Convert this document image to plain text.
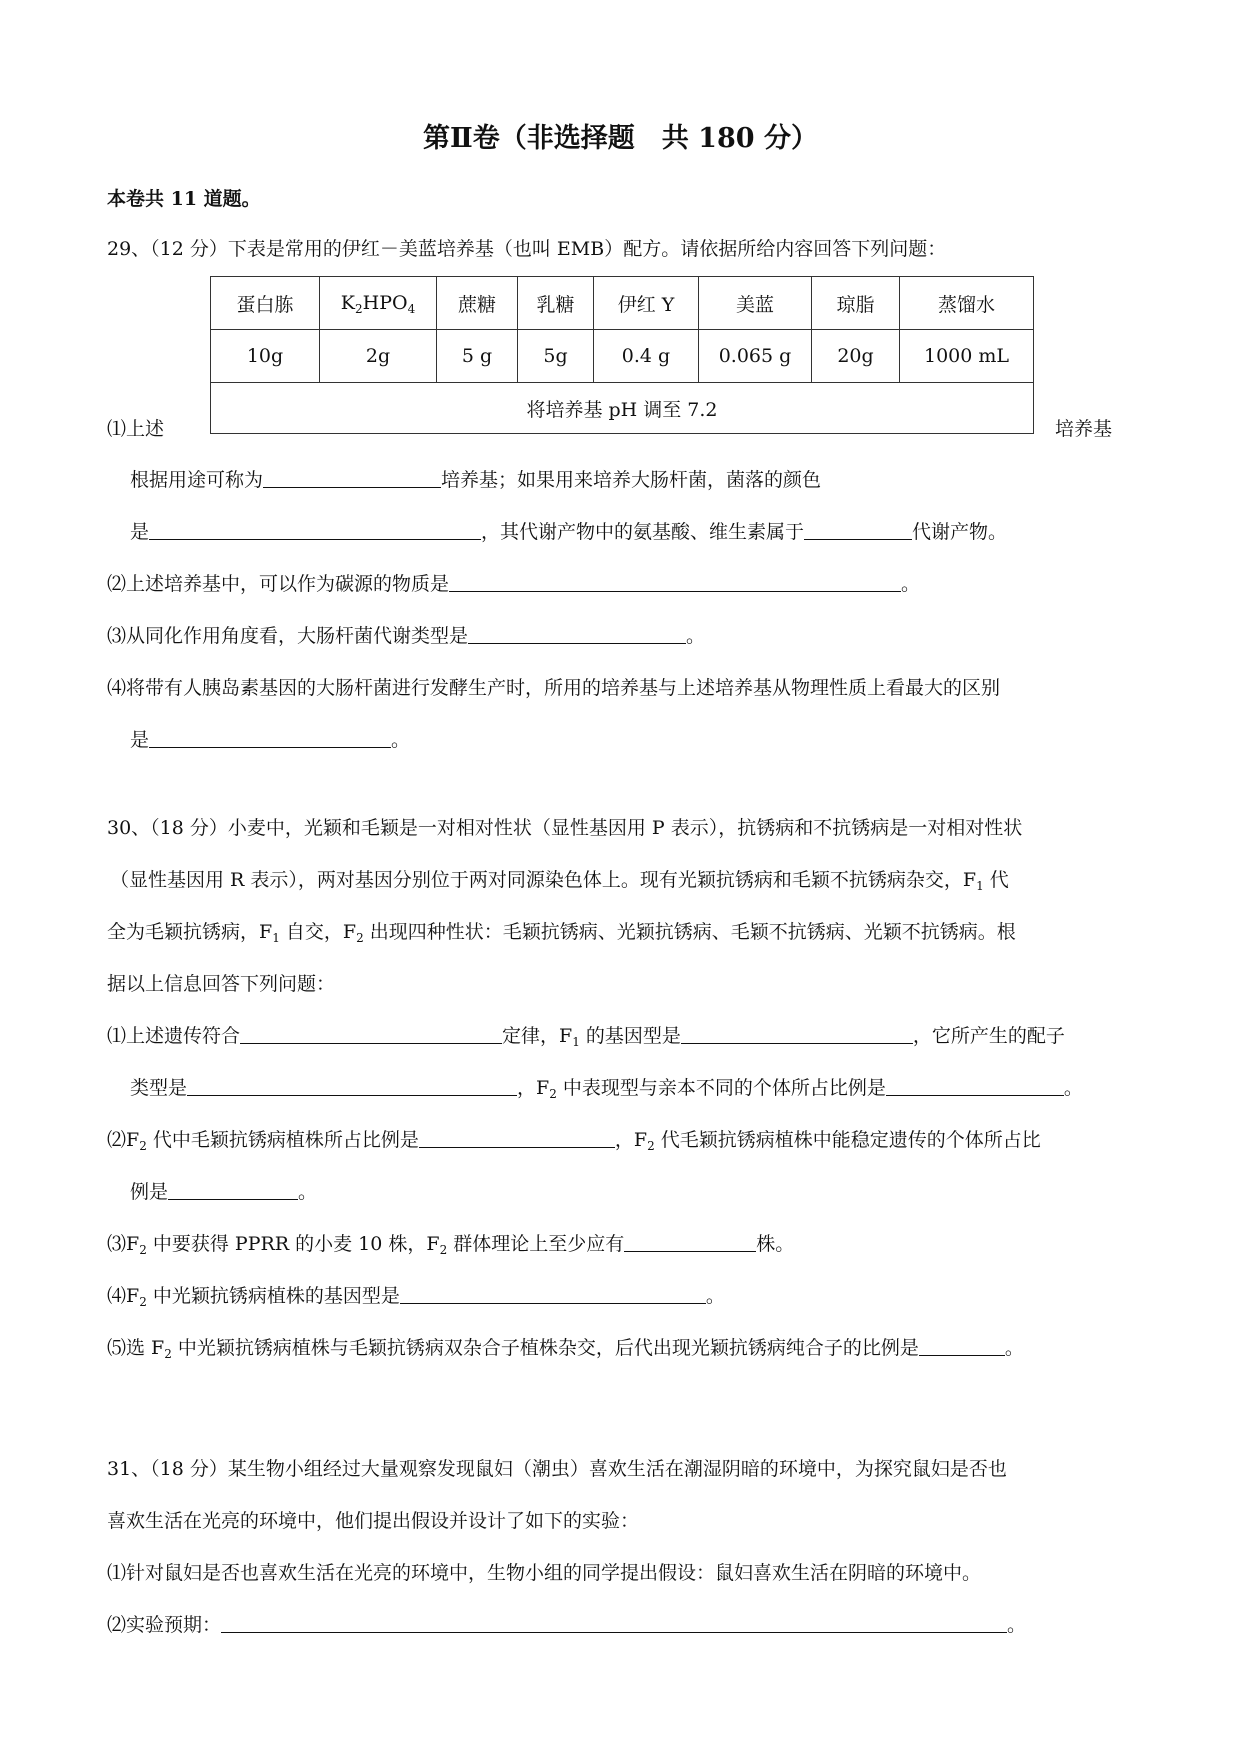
第Ⅱ卷（非选择题　共 180 分）
本卷共 11 道题。
29、（12 分）下表是常用的伊红－美蓝培养基（也叫 EMB）配方。请依据所给内容回答下列问题：
蛋白胨	$K_2HPO_4$	蔗糖	乳糖	伊红 Y	美蓝	琼脂	蒸馏水
10g	2g	5 g	5g	0.4 g	0.065 g	20g	1000 mL
将培养基 pH 调至 7.2							
⑴上述	培养基
根据用途可称为	培养基；如果用来培养大肠杆菌，菌落的颜色
是	，其代谢产物中的氨基酸、维生素属于	代谢产物。
⑵上述培养基中，可以作为碳源的物质是	。
⑶从同化作用角度看，大肠杆菌代谢类型是	。
⑷将带有人胰岛素基因的大肠杆菌进行发酵生产时，所用的培养基与上述培养基从物理性质上看最大的区别
是	。
30、（18 分）小麦中，光颖和毛颖是一对相对性状（显性基因用 P 表示），抗锈病和不抗锈病是一对相对性状
（显性基因用 R 表示），两对基因分别位于两对同源染色体上。现有光颖抗锈病和毛颖不抗锈病杂交，$F_1$ 代
全为毛颖抗锈病，$F_1$ 自交，$F_2$ 出现四种性状：毛颖抗锈病、光颖抗锈病、毛颖不抗锈病、光颖不抗锈病。根
据以上信息回答下列问题：
⑴上述遗传符合	定律，$F_1$ 的基因型是	，它所产生的配子
类型是	，$F_2$ 中表现型与亲本不同的个体所占比例是	。
$⑵F_2$ 代中毛颖抗锈病植株所占比例是	，$F_2$ 代毛颖抗锈病植株中能稳定遗传的个体所占比
例是	。
$⑶F_2$ 中要获得 PPRR 的小麦 10 株，$F_2$ 群体理论上至少应有	株。
$⑷F_2$ 中光颖抗锈病植株的基因型是	。
⑸选 $F_2$ 中光颖抗锈病植株与毛颖抗锈病双杂合子植株杂交，后代出现光颖抗锈病纯合子的比例是	。
31、（18 分）某生物小组经过大量观察发现鼠妇（潮虫）喜欢生活在潮湿阴暗的环境中，为探究鼠妇是否也
喜欢生活在光亮的环境中，他们提出假设并设计了如下的实验：
⑴针对鼠妇是否也喜欢生活在光亮的环境中，生物小组的同学提出假设：鼠妇喜欢生活在阴暗的环境中。
⑵实验预期：	。
